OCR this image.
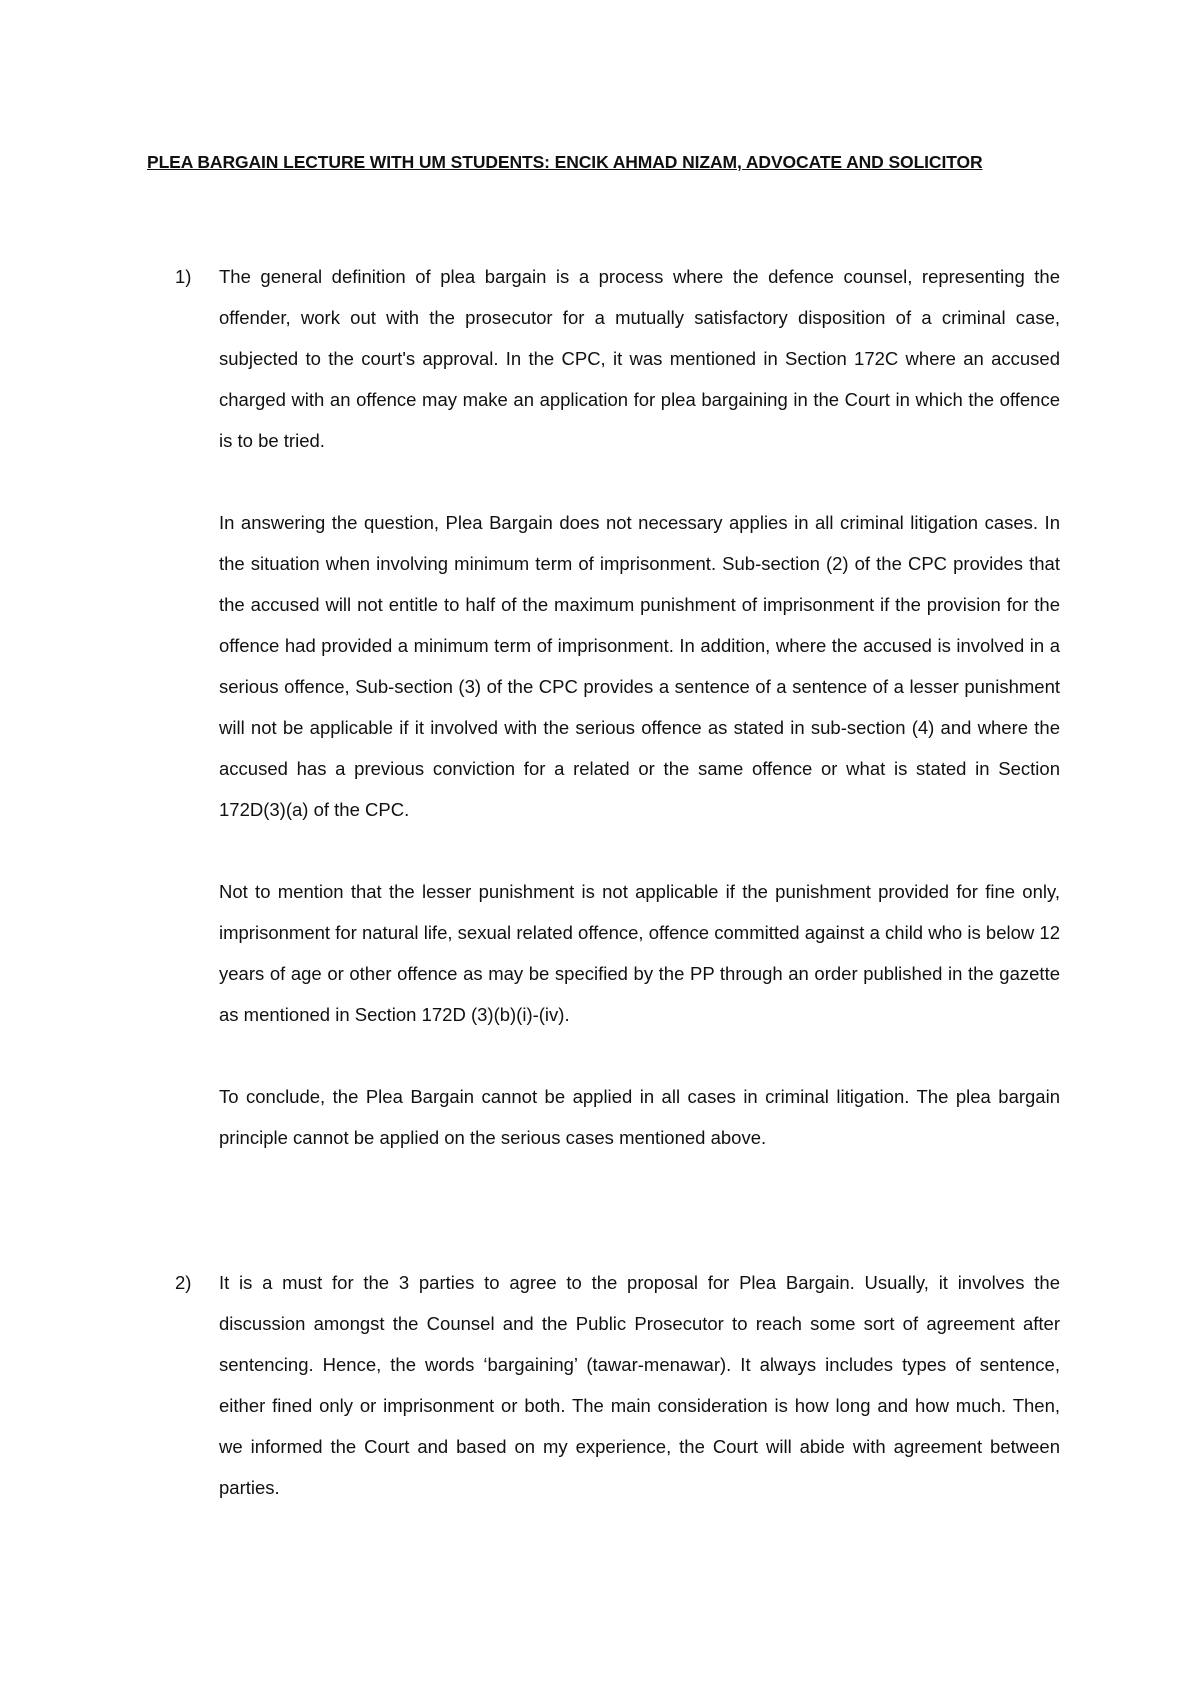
PLEA BARGAIN LECTURE WITH UM STUDENTS: ENCIK AHMAD NIZAM, ADVOCATE AND SOLICITOR
1)	The general definition of plea bargain is a process where the defence counsel, representing the offender, work out with the prosecutor for a mutually satisfactory disposition of a criminal case, subjected to the court's approval. In the CPC, it was mentioned in Section 172C where an accused charged with an offence may make an application for plea bargaining in the Court in which the offence is to be tried.

In answering the question, Plea Bargain does not necessary applies in all criminal litigation cases. In the situation when involving minimum term of imprisonment. Sub-section (2) of the CPC provides that the accused will not entitle to half of the maximum punishment of imprisonment if the provision for the offence had provided a minimum term of imprisonment. In addition, where the accused is involved in a serious offence, Sub-section (3) of the CPC provides a sentence of a sentence of a lesser punishment will not be applicable if it involved with the serious offence as stated in sub-section (4) and where the accused has a previous conviction for a related or the same offence or what is stated in Section 172D(3)(a) of the CPC.

Not to mention that the lesser punishment is not applicable if the punishment provided for fine only, imprisonment for natural life, sexual related offence, offence committed against a child who is below 12 years of age or other offence as may be specified by the PP through an order published in the gazette as mentioned in Section 172D (3)(b)(i)-(iv).

To conclude, the Plea Bargain cannot be applied in all cases in criminal litigation. The plea bargain principle cannot be applied on the serious cases mentioned above.

2)	It is a must for the 3 parties to agree to the proposal for Plea Bargain. Usually, it involves the discussion amongst the Counsel and the Public Prosecutor to reach some sort of agreement after sentencing. Hence, the words ‘bargaining’ (tawar-menawar). It always includes types of sentence, either fined only or imprisonment or both. The main consideration is how long and how much. Then, we informed the Court and based on my experience, the Court will abide with agreement between parties.
